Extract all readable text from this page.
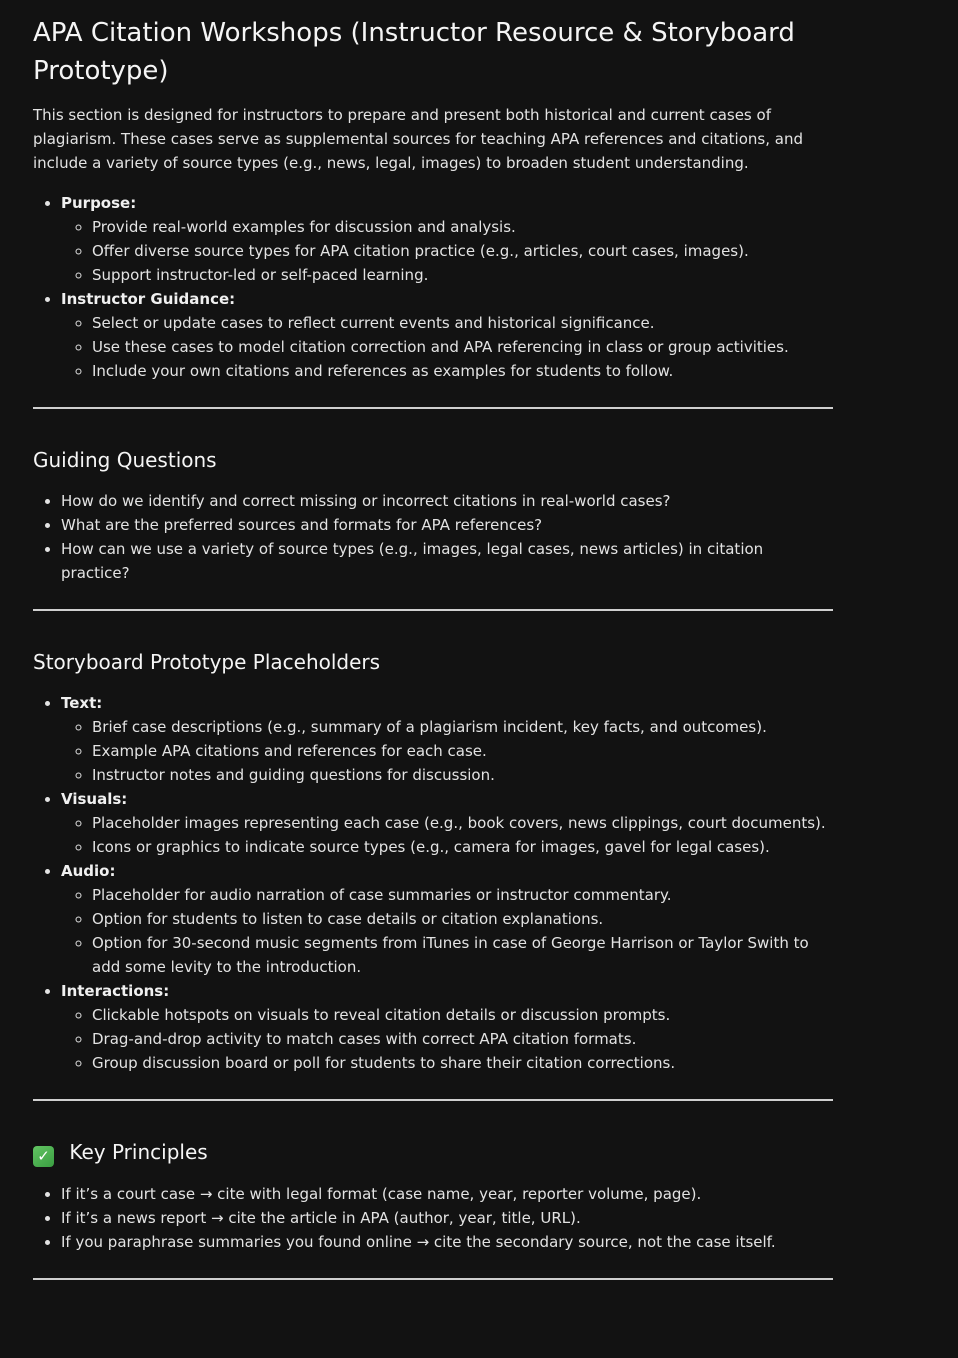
APA Citation Workshops (Instructor Resource & Storyboard Prototype)

This section is designed for instructors to prepare and present both historical and current cases of plagiarism. These cases serve as supplemental sources for teaching APA references and citations, and include a variety of source types (e.g., news, legal, images) to broaden student understanding.

• Purpose:
◦ Provide real-world examples for discussion and analysis.
◦ Offer diverse source types for APA citation practice (e.g., articles, court cases, images).
◦ Support instructor-led or self-paced learning.
• Instructor Guidance:
◦ Select or update cases to reflect current events and historical significance.
◦ Use these cases to model citation correction and APA referencing in class or group activities.
◦ Include your own citations and references as examples for students to follow.
Guiding Questions
• How do we identify and correct missing or incorrect citations in real-world cases?
• What are the preferred sources and formats for APA references?
• How can we use a variety of source types (e.g., images, legal cases, news articles) in citation practice?
Storyboard Prototype Placeholders
• Text:
◦ Brief case descriptions (e.g., summary of a plagiarism incident, key facts, and outcomes).
◦ Example APA citations and references for each case.
◦ Instructor notes and guiding questions for discussion.
• Visuals:
◦ Placeholder images representing each case (e.g., book covers, news clippings, court documents).
◦ Icons or graphics to indicate source types (e.g., camera for images, gavel for legal cases).
• Audio:
◦ Placeholder for audio narration of case summaries or instructor commentary.
◦ Option for students to listen to case details or citation explanations.
◦ Option for 30-second music segments from iTunes in case of George Harrison or Taylor Swith to add some levity to the introduction.
• Interactions:
◦ Clickable hotspots on visuals to reveal citation details or discussion prompts.
◦ Drag-and-drop activity to match cases with correct APA citation formats.
◦ Group discussion board or poll for students to share their citation corrections.
✓ Key Principles
• If it’s a court case → cite with legal format (case name, year, reporter volume, page).
• If it’s a news report → cite the article in APA (author, year, title, URL).
• If you paraphrase summaries you found online → cite the secondary source, not the case itself.
